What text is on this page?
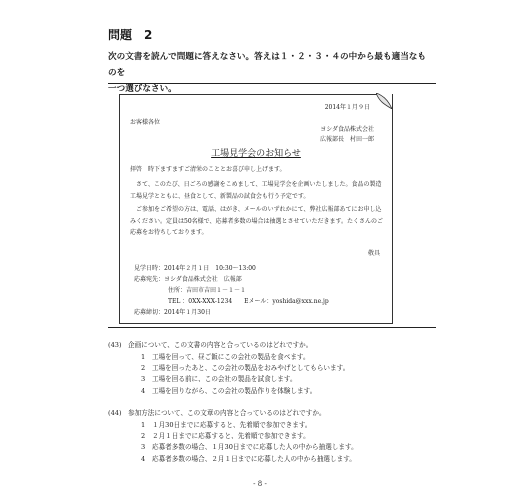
問題 2
次の文書を読んで問題に答えなさい。答えは１・２・３・４の中から最も適当なものを
一つ選びなさい。
2014年１月９日
お客様各位
ヨシダ食品株式会社
広報部長　村田一郎
工場見学会のお知らせ
拝啓　時下ますますご清栄のこととお喜び申し上げます。

さて、このたび、日ごろの感謝をこめまして、工場見学会を企画いたしました。食品の製造工場見学とともに、昼食として、新製品の試食会も行う予定です。

ご参加をご希望の方は、電話、はがき、メールのいずれかにて、弊社広報部あてにお申し込みください。定員は50名様で、応募者多数の場合は抽選とさせていただきます。たくさんのご応募をお待ちしております。

敬具
見学日時：2014年２月１日　10:30～13:00
応募宛先：ヨシダ食品株式会社　広報部
住所：吉田市吉田１－１－１
TEL ：0XX-XXX-1234　　Eメール：yoshida@xxx.ne.jp
応募締切：2014年１月30日
(43) 企画について、この文書の内容と合っているのはどれですか。
1 工場を回って、昼ご飯にこの会社の製品を食べます。
2 工場を回ったあと、この会社の製品をおみやげとしてもらいます。
3 工場を回る前に、この会社の製品を試食します。
4 工場を回りながら、この会社の製品作りを体験します。
(44) 参加方法について、この文章の内容と合っているのはどれですか。
1 １月30日までに応募すると、先着順で参加できます。
2 ２月１日までに応募すると、先着順で参加できます。
3 応募者多数の場合、１月30日までに応募した人の中から抽選します。
4 応募者多数の場合、２月１日までに応募した人の中から抽選します。
- 8 -
